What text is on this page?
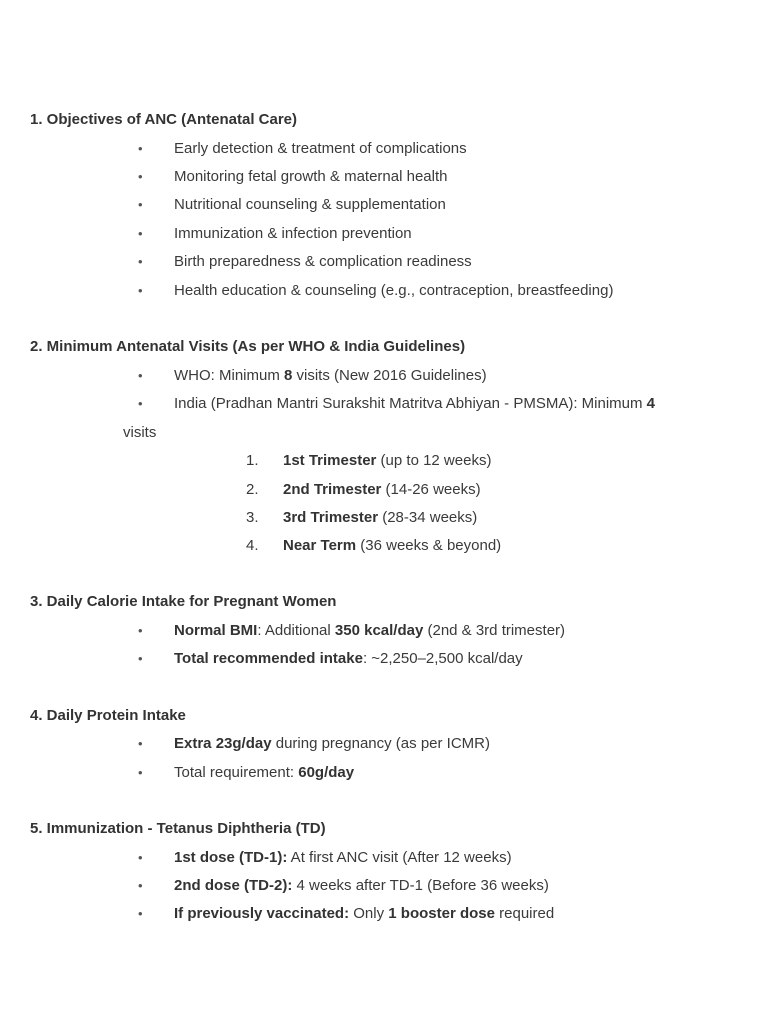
1. Objectives of ANC (Antenatal Care)
• Early detection & treatment of complications
• Monitoring fetal growth & maternal health
• Nutritional counseling & supplementation
• Immunization & infection prevention
• Birth preparedness & complication readiness
• Health education & counseling (e.g., contraception, breastfeeding)
2. Minimum Antenatal Visits (As per WHO & India Guidelines)
• WHO: Minimum 8 visits (New 2016 Guidelines)
• India (Pradhan Mantri Surakshit Matritva Abhiyan - PMSMA): Minimum 4
visits
1. 1st Trimester (up to 12 weeks)
2. 2nd Trimester (14-26 weeks)
3. 3rd Trimester (28-34 weeks)
4. Near Term (36 weeks & beyond)
3. Daily Calorie Intake for Pregnant Women
• Normal BMI: Additional 350 kcal/day (2nd & 3rd trimester)
• Total recommended intake: ~2,250–2,500 kcal/day
4. Daily Protein Intake
• Extra 23g/day during pregnancy (as per ICMR)
• Total requirement: 60g/day
5. Immunization - Tetanus Diphtheria (TD)
• 1st dose (TD-1): At first ANC visit (After 12 weeks)
• 2nd dose (TD-2): 4 weeks after TD-1 (Before 36 weeks)
• If previously vaccinated: Only 1 booster dose required
